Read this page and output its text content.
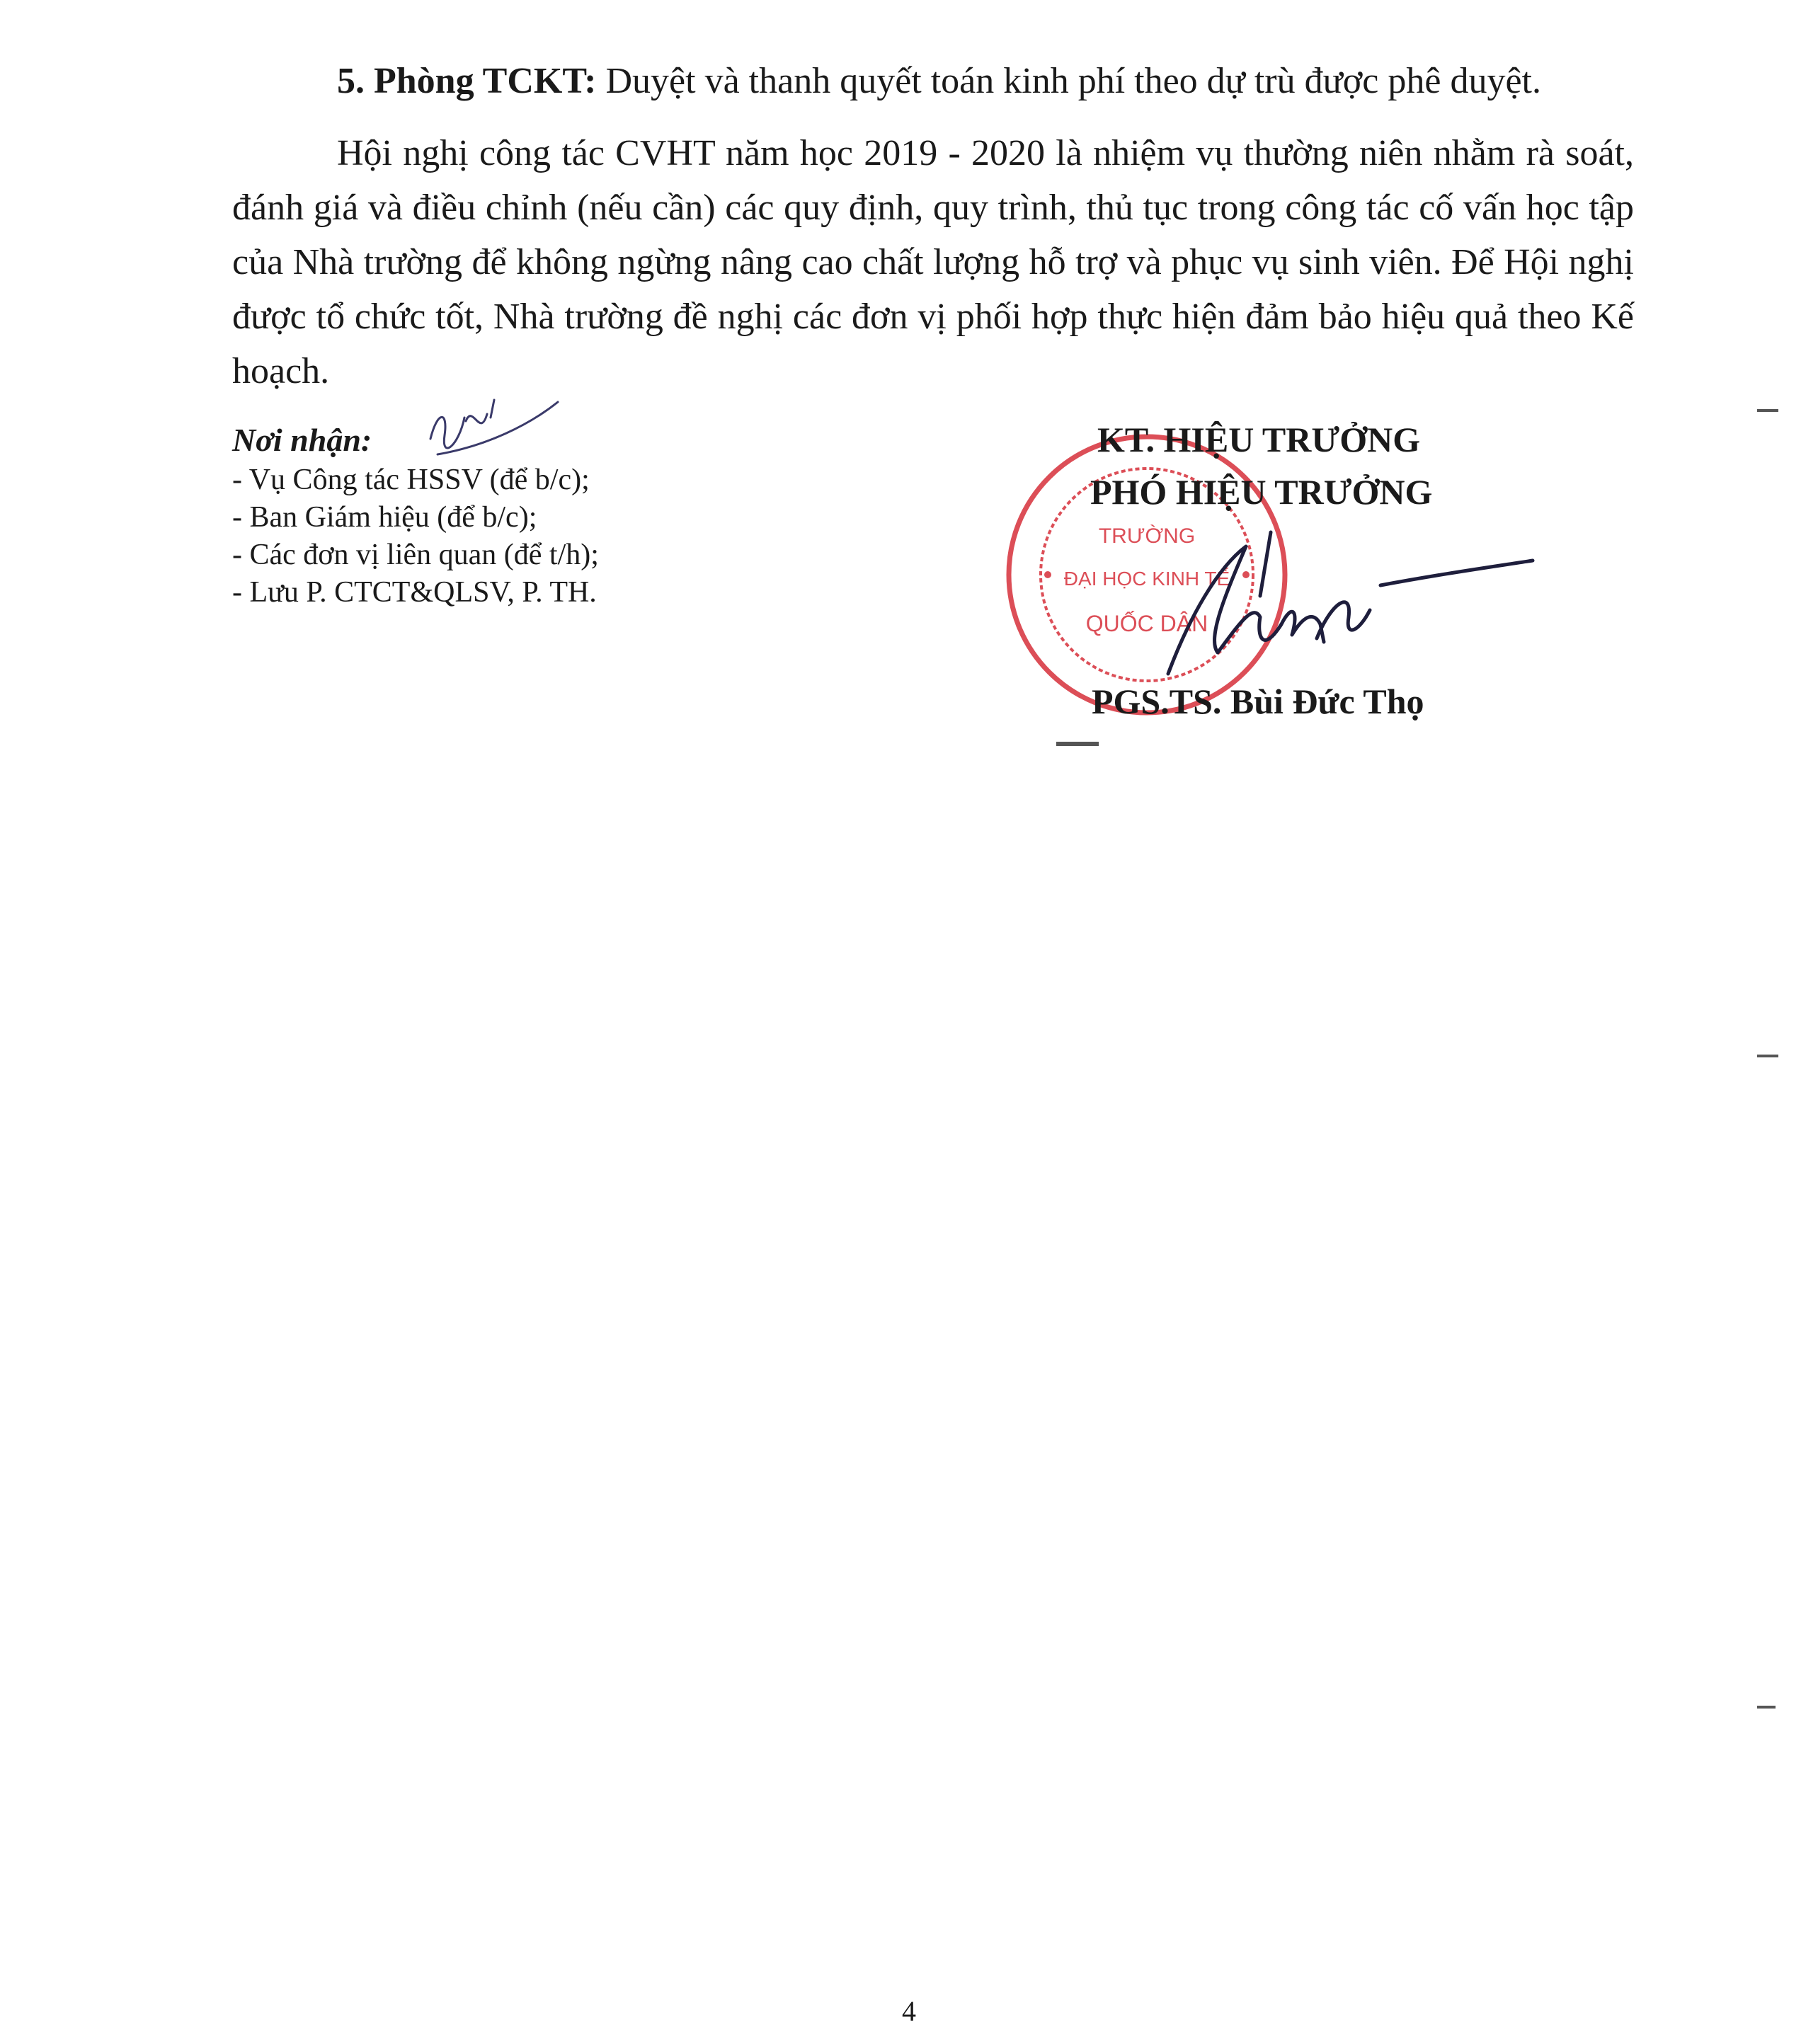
5. Phòng TCKT: Duyệt và thanh quyết toán kinh phí theo dự trù được phê duyệt.

Hội nghị công tác CVHT năm học 2019 - 2020 là nhiệm vụ thường niên nhằm rà soát, đánh giá và điều chỉnh (nếu cần) các quy định, quy trình, thủ tục trong công tác cố vấn học tập của Nhà trường để không ngừng nâng cao chất lượng hỗ trợ và phục vụ sinh viên. Để Hội nghị được tổ chức tốt, Nhà trường đề nghị các đơn vị phối hợp thực hiện đảm bảo hiệu quả theo Kế hoạch.

Nơi nhận:
- Vụ Công tác HSSV (để b/c);
- Ban Giám hiệu (để b/c);
- Các đơn vị liên quan (để t/h);
- Lưu P. CTCT&QLSV, P. TH.
TRƯỜNG
ĐẠI HỌC KINH TẾ
QUỐC DÂN
KT. HIỆU TRƯỞNG
PHÓ HIỆU TRƯỞNG
PGS.TS. Bùi Đức Thọ
4
